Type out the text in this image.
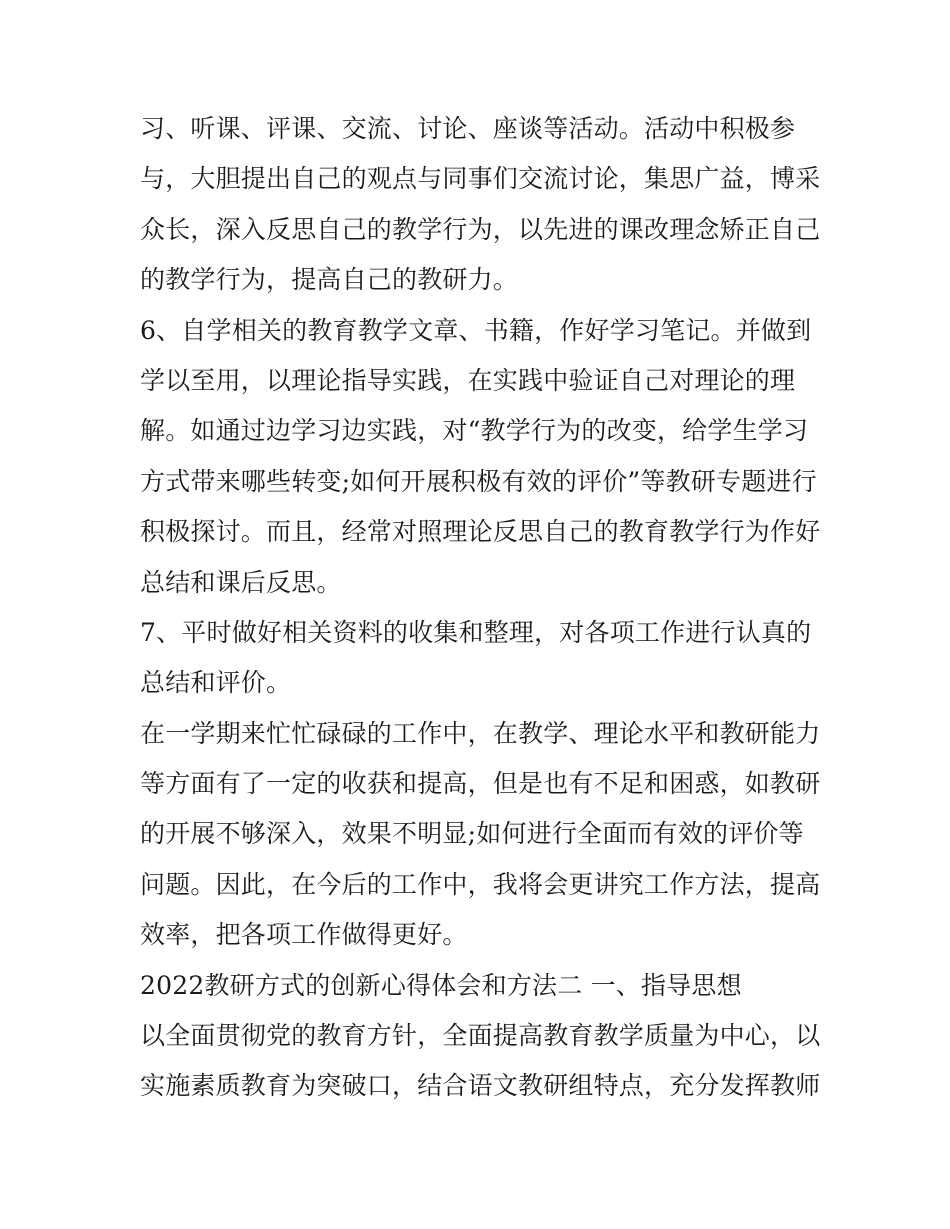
习、听课、评课、交流、讨论、座谈等活动。活动中积极参
与，大胆提出自己的观点与同事们交流讨论，集思广益，博采
众长，深入反思自己的教学行为，以先进的课改理念矫正自己
的教学行为，提高自己的教研力。
6、自学相关的教育教学文章、书籍，作好学习笔记。并做到
学以至用，以理论指导实践，在实践中验证自己对理论的理
解。如通过边学习边实践，对“教学行为的改变，给学生学习
方式带来哪些转变;如何开展积极有效的评价”等教研专题进行
积极探讨。而且，经常对照理论反思自己的教育教学行为作好
总结和课后反思。
7、平时做好相关资料的收集和整理，对各项工作进行认真的
总结和评价。
在一学期来忙忙碌碌的工作中，在教学、理论水平和教研能力
等方面有了一定的收获和提高，但是也有不足和困惑，如教研
的开展不够深入，效果不明显;如何进行全面而有效的评价等
问题。因此，在今后的工作中，我将会更讲究工作方法，提高
效率，把各项工作做得更好。
2022教研方式的创新心得体会和方法二 一、指导思想
以全面贯彻党的教育方针，全面提高教育教学质量为中心，以
实施素质教育为突破口，结合语文教研组特点，充分发挥教师
